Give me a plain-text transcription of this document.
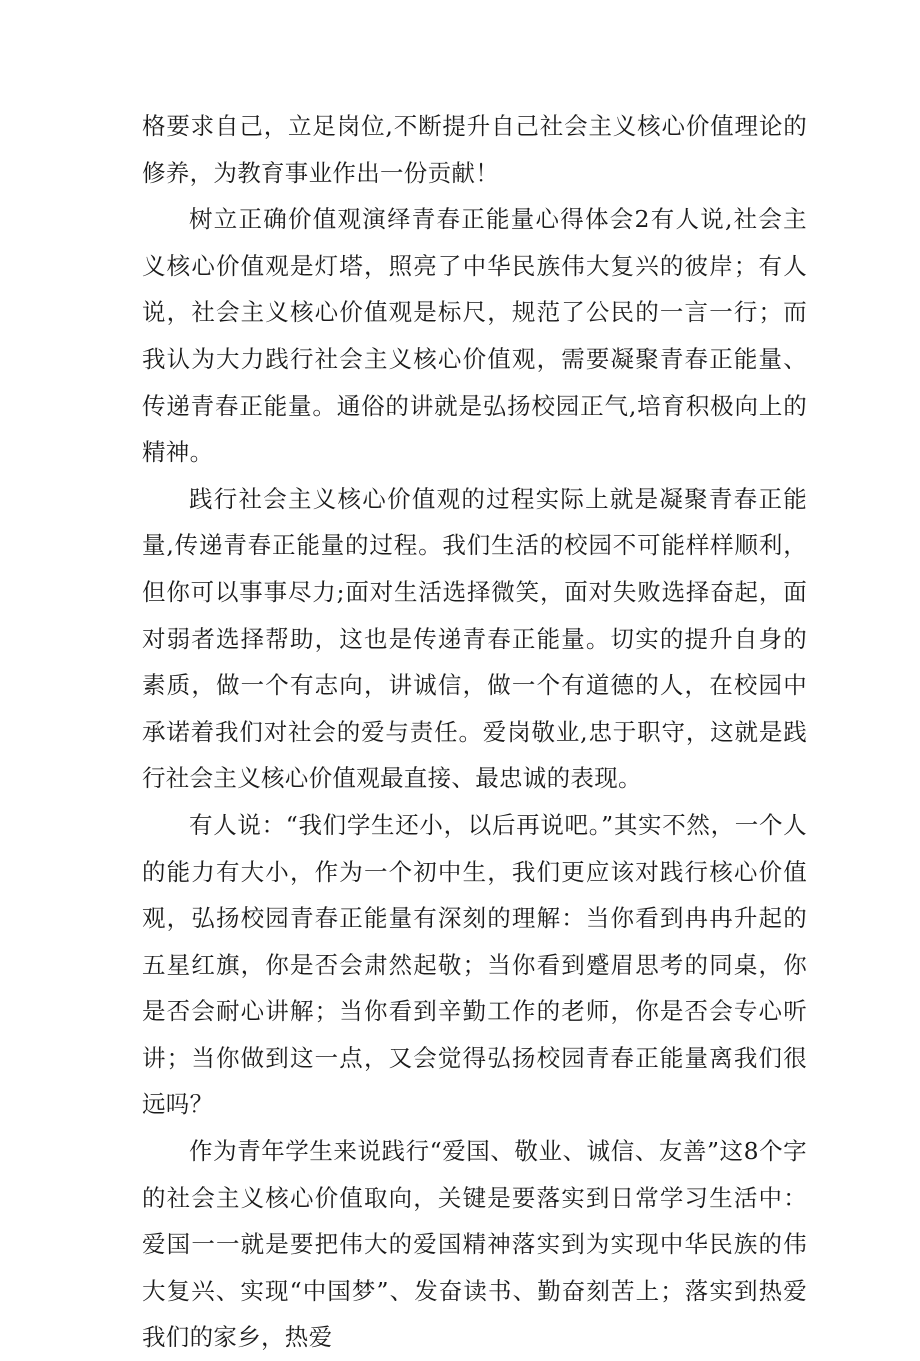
格要求自己，立足岗位,不断提升自己社会主义核心价值理论的修养，为教育事业作出一份贡献！

树立正确价值观演绎青春正能量心得体会2有人说,社会主义核心价值观是灯塔，照亮了中华民族伟大复兴的彼岸；有人说，社会主义核心价值观是标尺，规范了公民的一言一行；而我认为大力践行社会主义核心价值观，需要凝聚青春正能量、传递青春正能量。通俗的讲就是弘扬校园正气,培育积极向上的精神。

践行社会主义核心价值观的过程实际上就是凝聚青春正能量,传递青春正能量的过程。我们生活的校园不可能样样顺利，但你可以事事尽力;面对生活选择微笑，面对失败选择奋起，面对弱者选择帮助，这也是传递青春正能量。切实的提升自身的素质，做一个有志向，讲诚信，做一个有道德的人，在校园中承诺着我们对社会的爱与责任。爱岗敬业,忠于职守，这就是践行社会主义核心价值观最直接、最忠诚的表现。

有人说：“我们学生还小，以后再说吧。”其实不然，一个人的能力有大小，作为一个初中生，我们更应该对践行核心价值观，弘扬校园青春正能量有深刻的理解：当你看到冉冉升起的五星红旗，你是否会肃然起敬；当你看到蹙眉思考的同桌，你是否会耐心讲解；当你看到辛勤工作的老师，你是否会专心听讲；当你做到这一点，又会觉得弘扬校园青春正能量离我们很远吗？

作为青年学生来说践行“爱国、敬业、诚信、友善”这8个字的社会主义核心价值取向，关键是要落实到日常学习生活中：爱国一一就是要把伟大的爱国精神落实到为实现中华民族的伟大复兴、实现“中国梦”、发奋读书、勤奋刻苦上；落实到热爱我们的家乡，热爱
